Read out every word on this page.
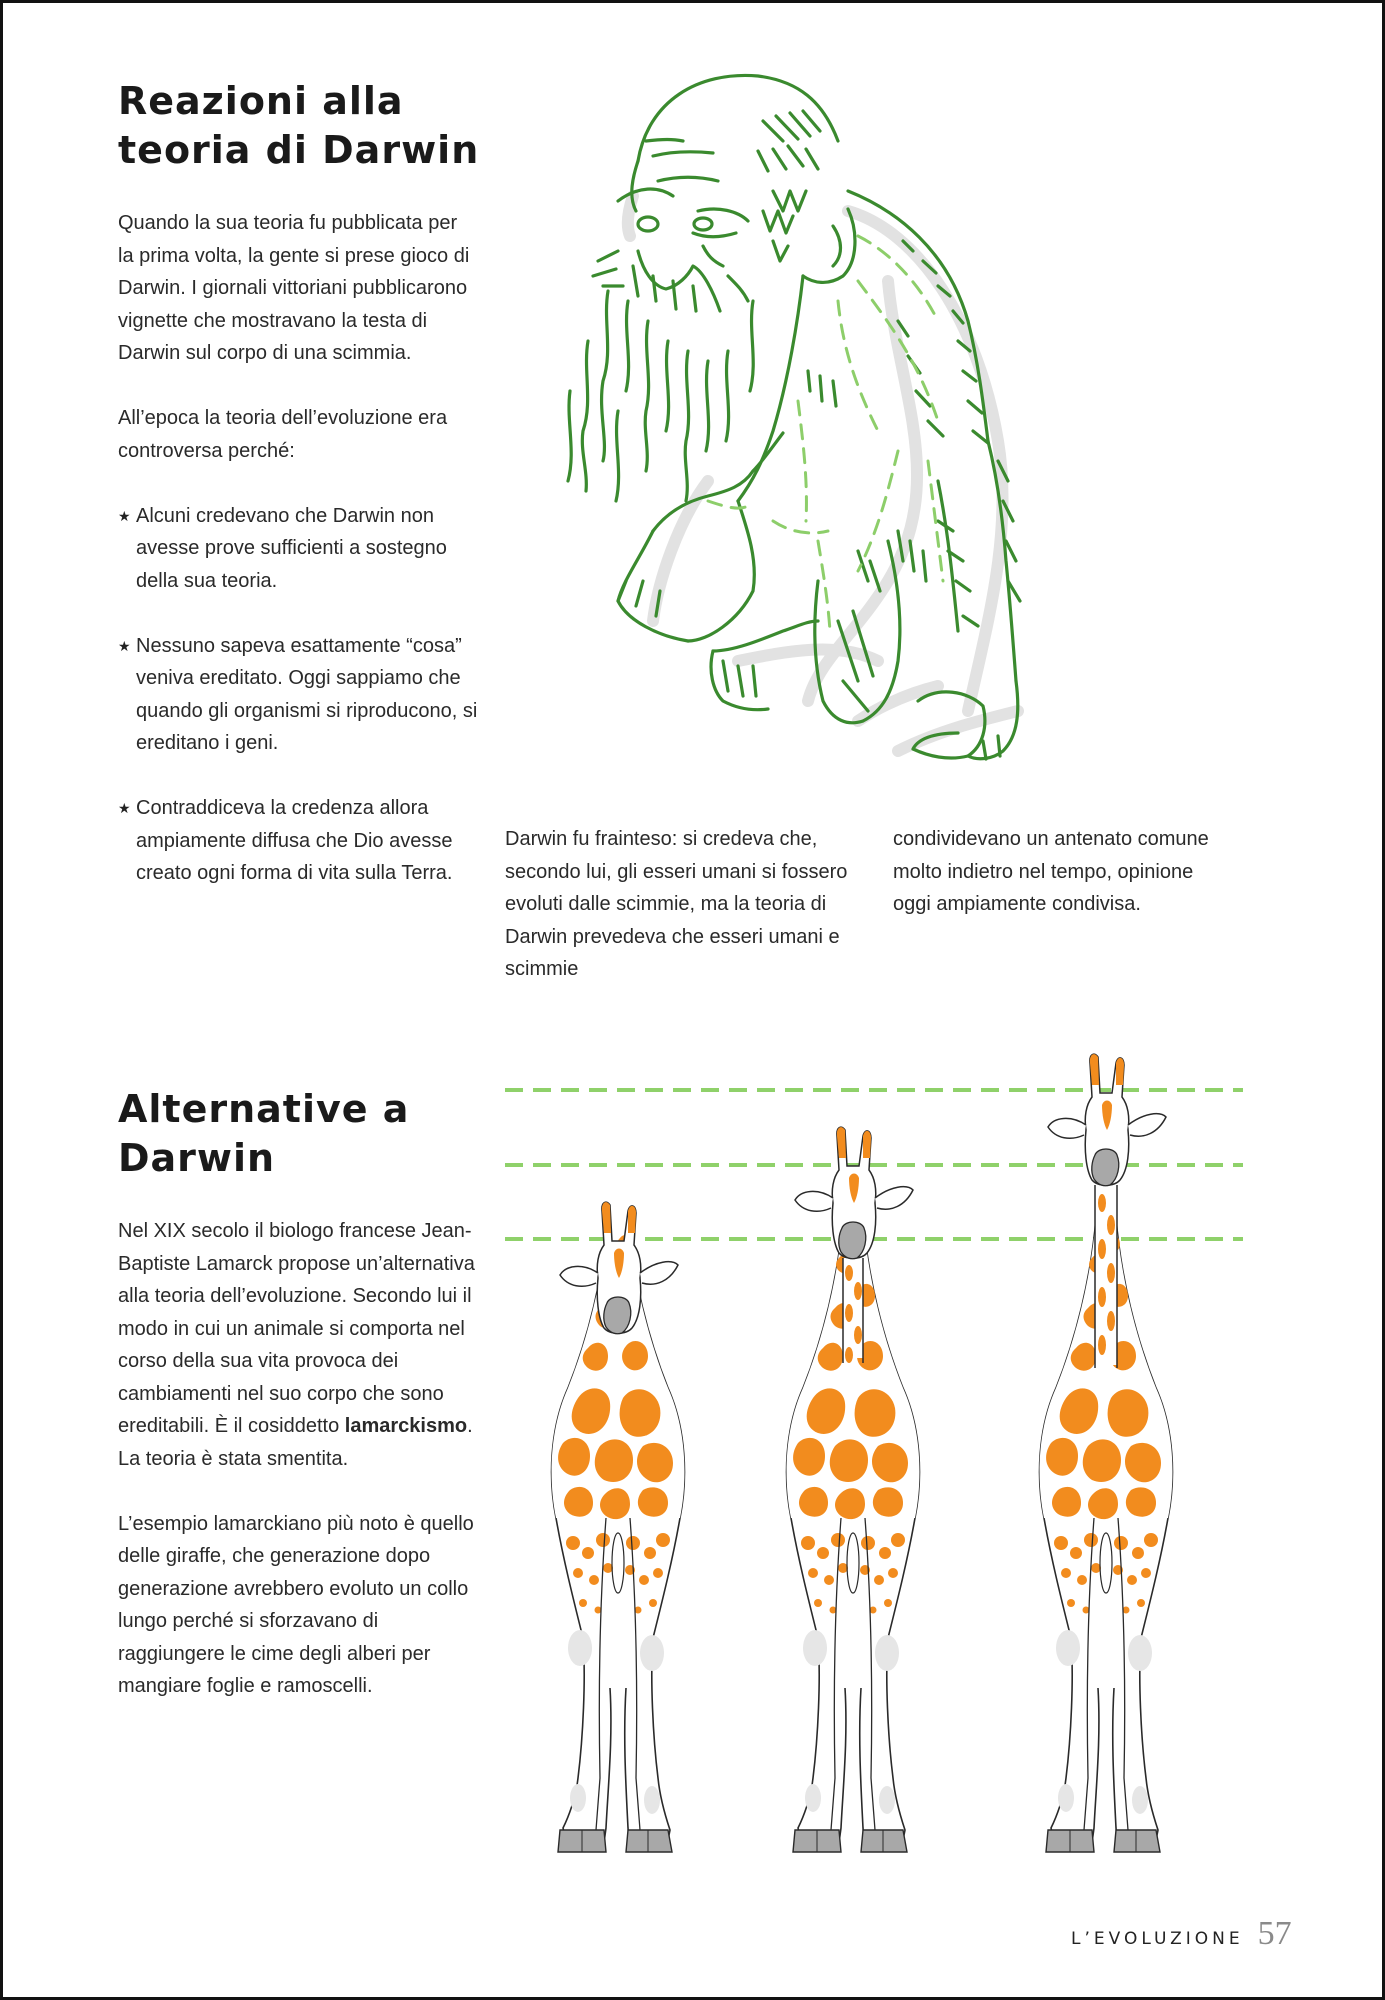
Reazioni alla
teoria di Darwin

Quando la sua teoria fu pubblicata per la prima volta, la gente si prese gioco di Darwin. I giornali vittoriani pubblicarono vignette che mostravano la testa di Darwin sul corpo di una scimmia.

All’epoca la teoria dell’evoluzione era controversa perché:

★ Alcuni credevano che Darwin non avesse prove sufficienti a sostegno della sua teoria.
★ Nessuno sapeva esattamente “cosa” veniva ereditato. Oggi sappiamo che quando gli organismi si riproducono, si ereditano i geni.
★ Contraddiceva la credenza allora ampiamente diffusa che Dio avesse creato ogni forma di vita sulla Terra.
Darwin fu frainteso: si credeva che, secondo lui, gli esseri umani si fossero evoluti dalle scimmie, ma la teoria di Darwin prevedeva che esseri umani e scimmie
condividevano un antenato comune molto indietro nel tempo, opinione oggi ampiamente condivisa.
Alternative a
Darwin

Nel XIX secolo il biologo francese Jean-Baptiste Lamarck propose un’alternativa alla teoria dell’evoluzione. Secondo lui il modo in cui un animale si comporta nel corso della sua vita provoca dei cambiamenti nel suo corpo che sono ereditabili. È il cosiddetto lamarckismo. La teoria è stata smentita.

L’esempio lamarckiano più noto è quello delle giraffe, che generazione dopo generazione avrebbero evoluto un collo lungo perché si sforzavano di raggiungere le cime degli alberi per mangiare foglie e ramoscelli.

L’EVOLUZIONE 57
